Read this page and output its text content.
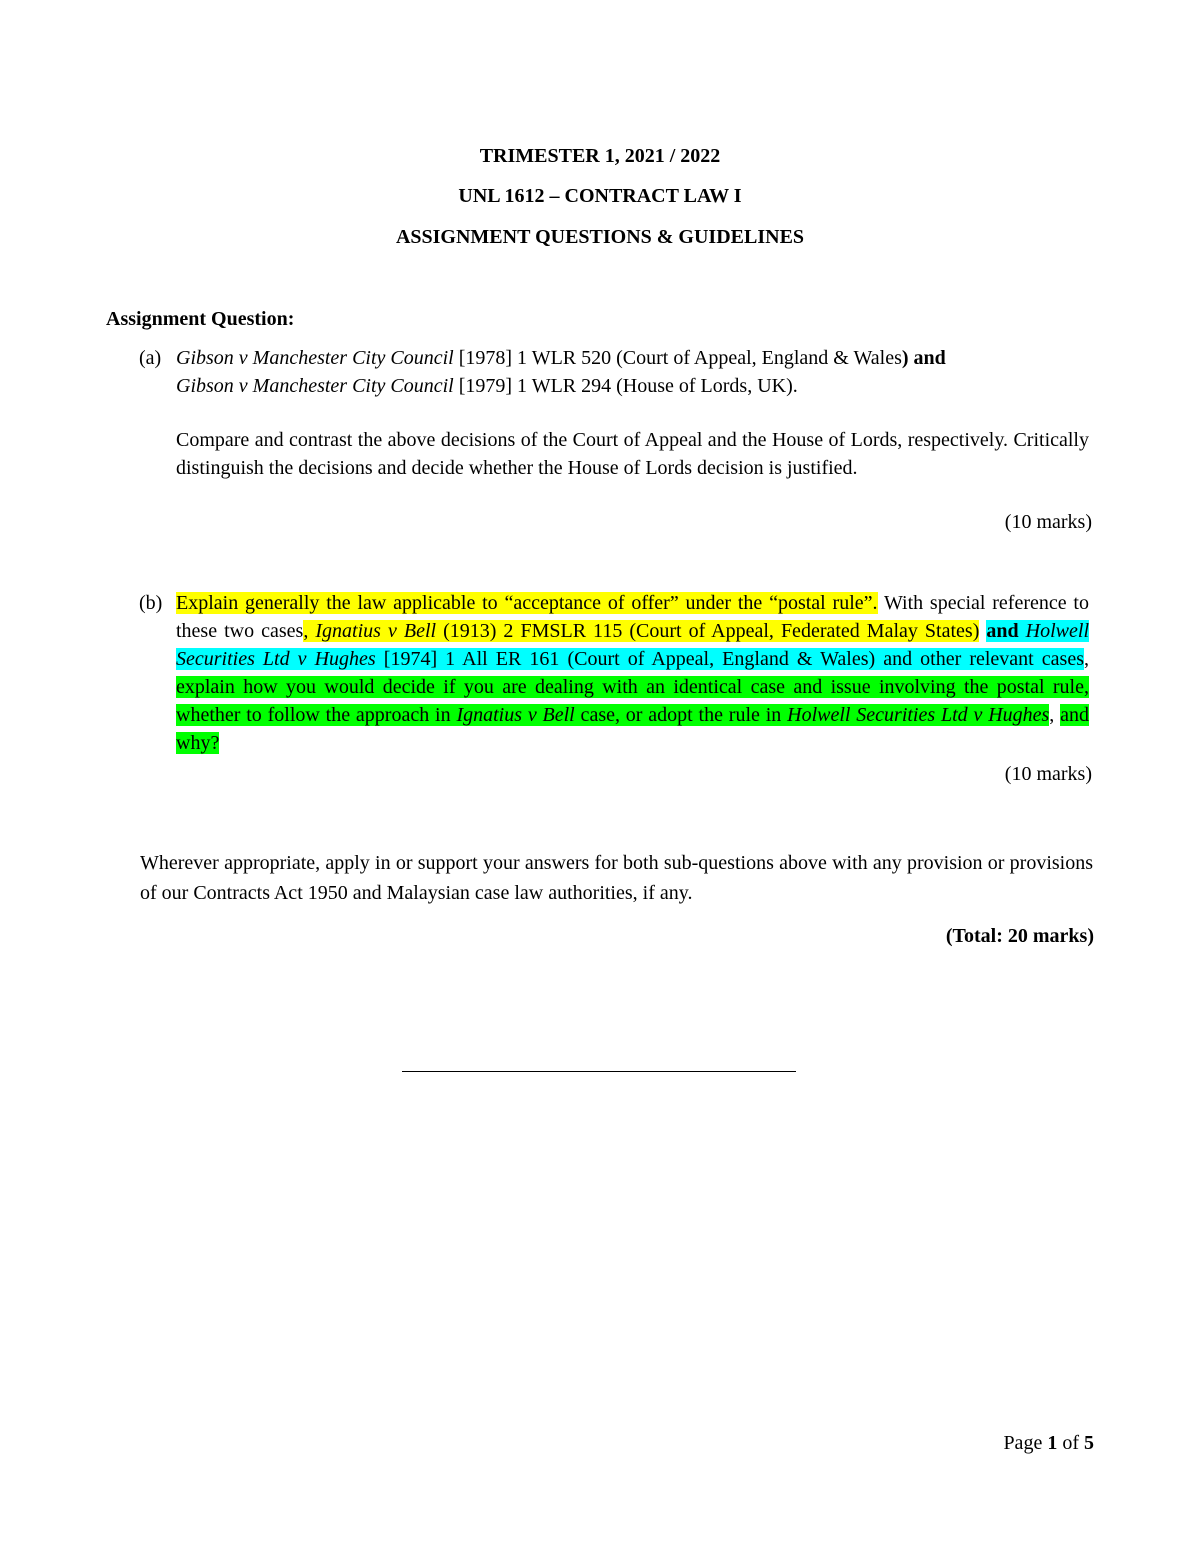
TRIMESTER 1, 2021 / 2022
UNL 1612 – CONTRACT LAW I
ASSIGNMENT QUESTIONS & GUIDELINES
Assignment Question:
(a) Gibson v Manchester City Council [1978] 1 WLR 520 (Court of Appeal, England & Wales) and
Gibson v Manchester City Council [1979] 1 WLR 294 (House of Lords, UK).
Compare and contrast the above decisions of the Court of Appeal and the House of Lords, respectively. Critically distinguish the decisions and decide whether the House of Lords decision is justified.
(10 marks)
(b) Explain generally the law applicable to “acceptance of offer” under the “postal rule”. With special reference to these two cases, Ignatius v Bell (1913) 2 FMSLR 115 (Court of Appeal, Federated Malay States) and Holwell Securities Ltd v Hughes [1974] 1 All ER 161 (Court of Appeal, England & Wales) and other relevant cases, explain how you would decide if you are dealing with an identical case and issue involving the postal rule, whether to follow the approach in Ignatius v Bell case, or adopt the rule in Holwell Securities Ltd v Hughes, and why?
(10 marks)
Wherever appropriate, apply in or support your answers for both sub-questions above with any provision or provisions of our Contracts Act 1950 and Malaysian case law authorities, if any.
(Total: 20 marks)
Page 1 of 5
